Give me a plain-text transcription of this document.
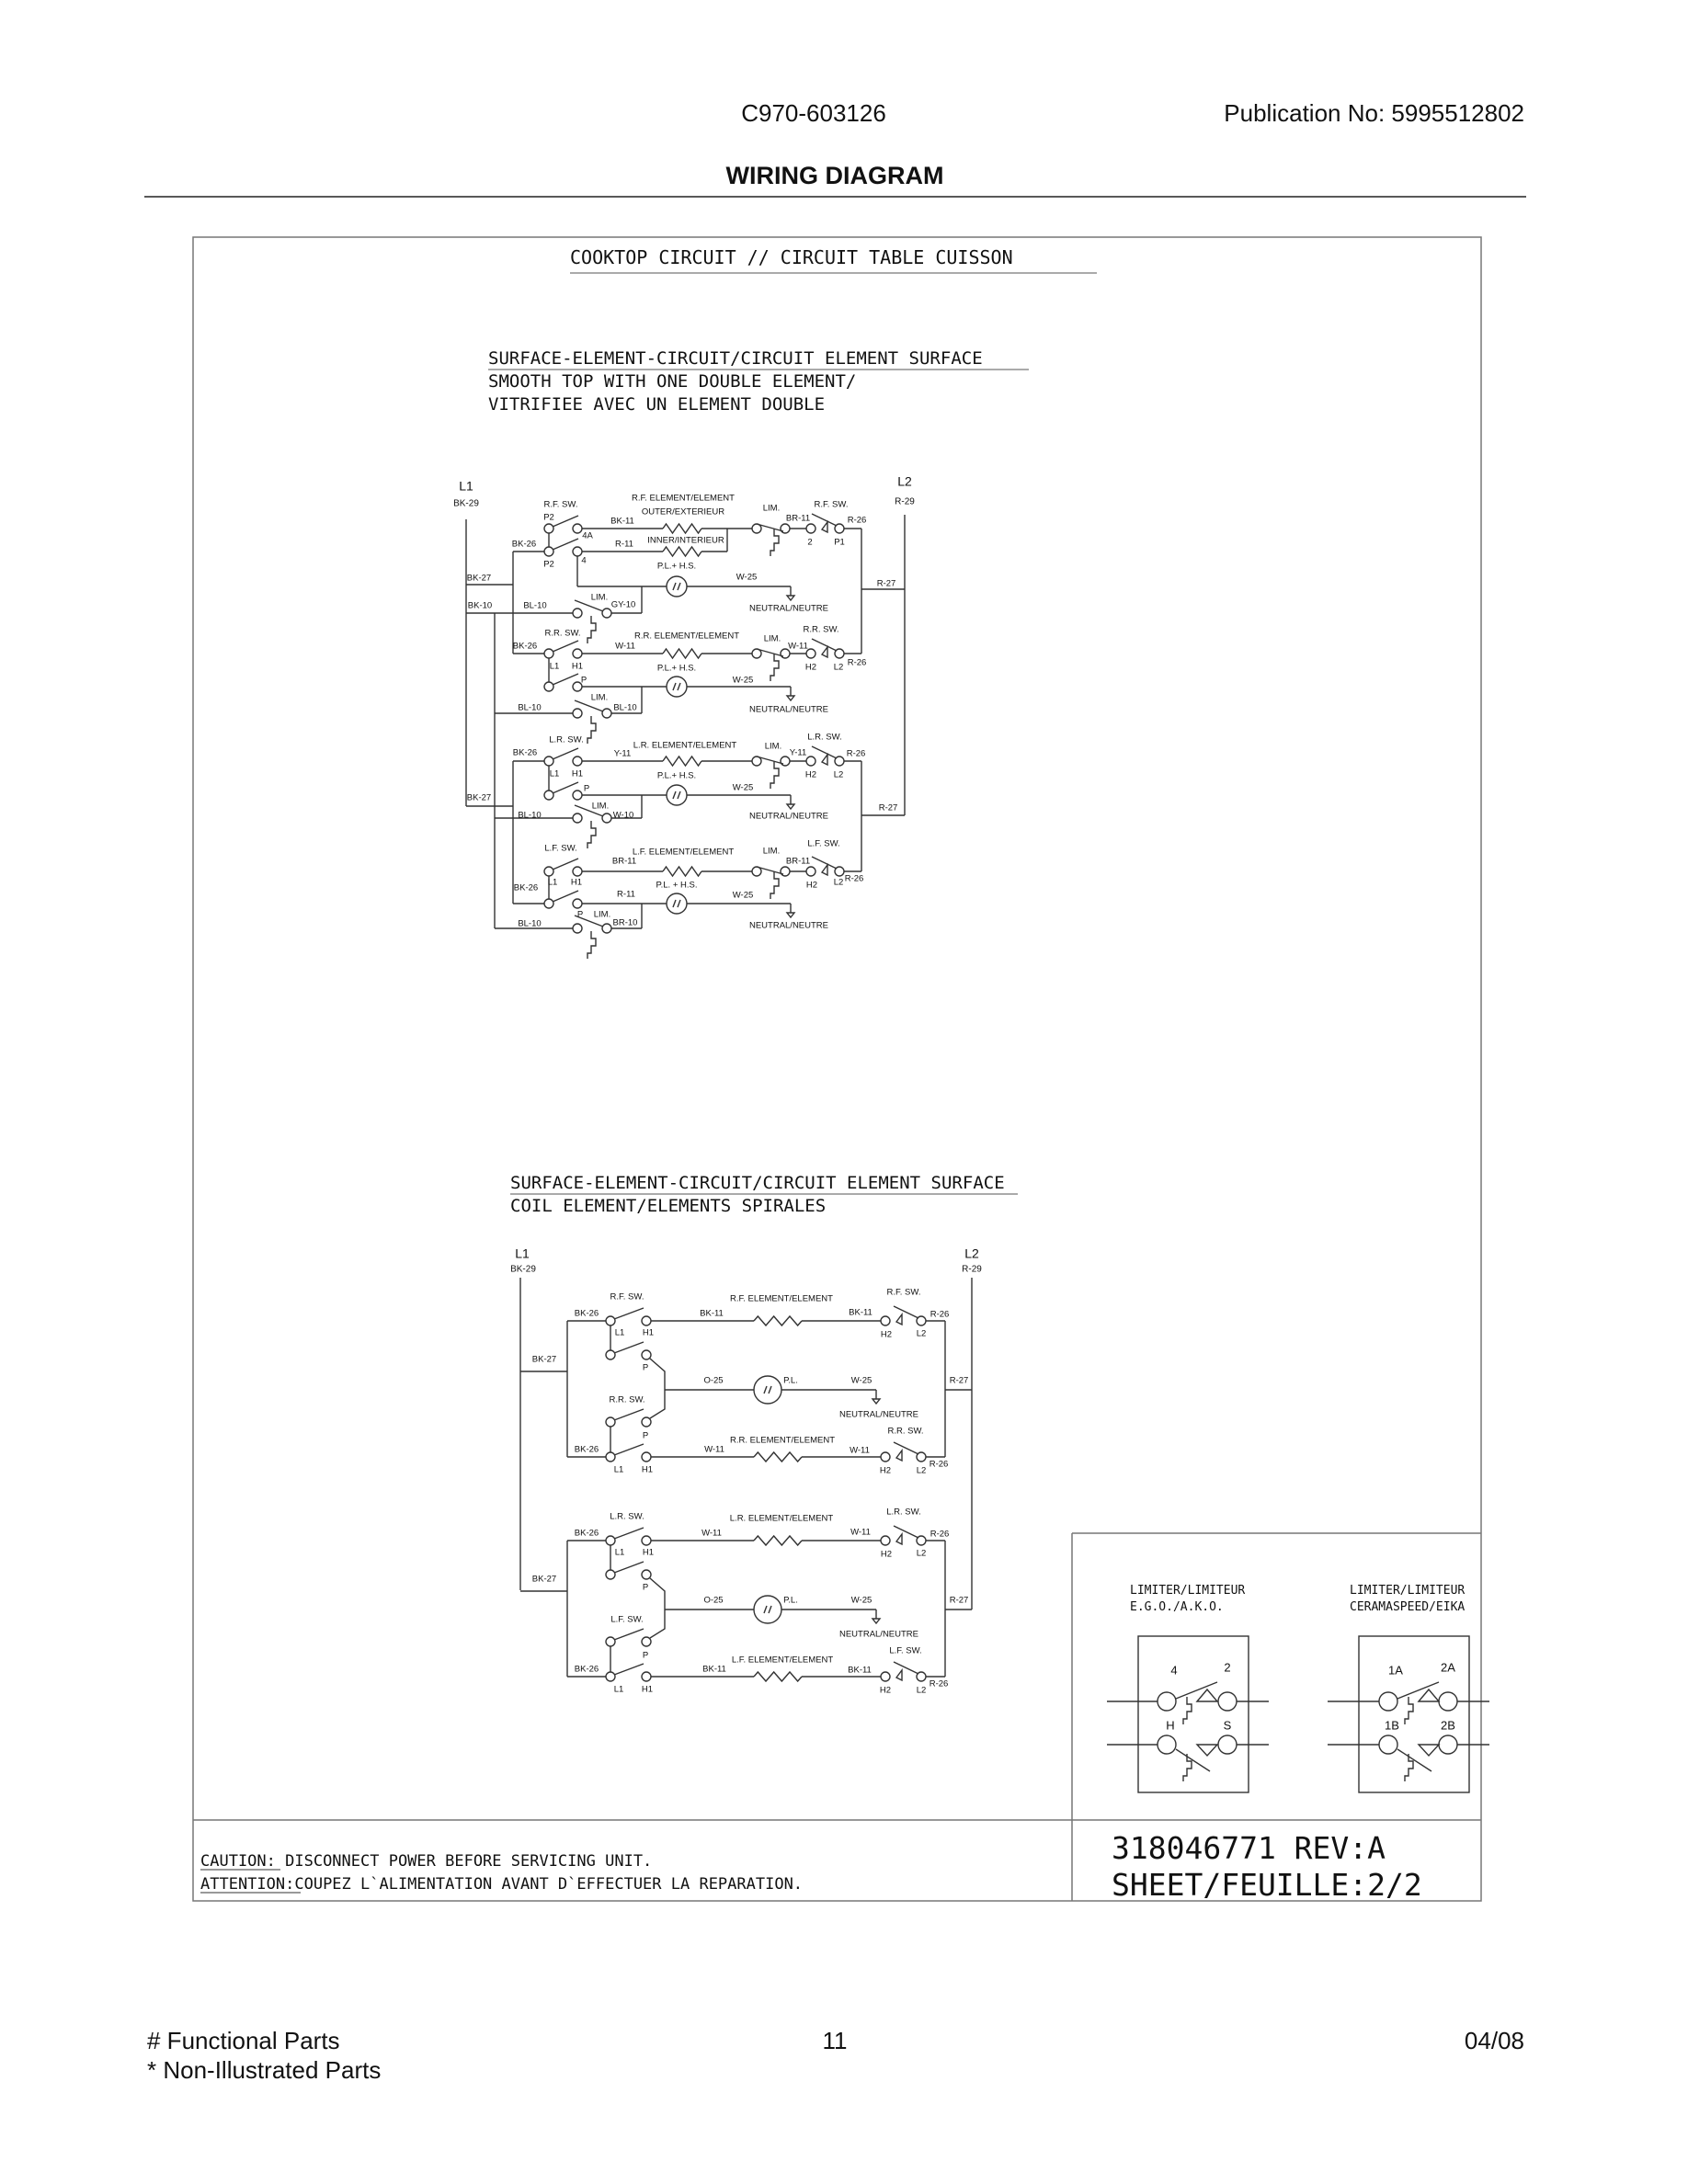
C970-603126	Publication No: 5995512802
WIRING DIAGRAM
COOKTOP CIRCUIT // CIRCUIT TABLE CUISSON
SURFACE-ELEMENT-CIRCUIT/CIRCUIT ELEMENT SURFACE
SMOOTH TOP WITH ONE DOUBLE ELEMENT/
VITRIFIEE AVEC UN ELEMENT DOUBLE
SURFACE-ELEMENT-CIRCUIT/CIRCUIT ELEMENT SURFACE
COIL ELEMENT/ELEMENTS SPIRALES
L1
BK-29
L2
R-29
R.F. SW.
P2
4A
BK-26
P2	4
BK-11
R-11
R.F. ELEMENT/ELEMENT
OUTER/EXTERIEUR
INNER/INTERIEUR
P.L.+ H.S.
W-25
NEUTRAL/NEUTRE
LIM.
BR-11
2
R.F. SW.
P1
R-26
R-27
BK-27
BK-10	BL-10
LIM.
GY-10
R.R. SW.
BK-26	W-11
R.R. ELEMENT/ELEMENT	LIM.
W-11
R.R. SW.
L1 H1	H2 L2 R-26
P.L.+ H.S.
P	W-25
LIM.
BL-10	BL-10	NEUTRAL/NEUTRE
L.R. SW.
BK-26	Y-11
L.R. ELEMENT/ELEMENT	LIM.
Y-11
L.R. SW.
R-26
L1 H1	H2 L2
P.L.+ H.S.
P	W-25
BK-27
R-27
LIM.
BL-10	W-10	NEUTRAL/NEUTRE
L.F. SW.	L.F. ELEMENT/ELEMENT	LIM.
L.F. SW.
BR-11	BR-11
L1 H1
BK-26	H2 L2 R-26
P.L. + H.S.
R-11	W-25
P LIM.
BL-10	BR-10	NEUTRAL/NEUTRE
L1
BK-29
L2
R-29
R.F. SW.
BK-26
L1 H1
BK-27
P
BK-11
R.F. ELEMENT/ELEMENT
BK-11
R.F. SW.
R-26
H2	L2
O-25	P.L.	W-25	R-27
R.R. SW.
NEUTRAL/NEUTRE
P	R.R. SW.
R.R. ELEMENT/ELEMENT
BK-26	W-11	W-11
R-26
L1 H1	H2	L2
L.R. SW.
BK-26
L1 H1
BK-27
P
W-11
L.R. ELEMENT/ELEMENT
W-11
L.R. SW.
R-26
H2	L2
O-25	P.L.	W-25	R-27
L.F. SW.
NEUTRAL/NEUTRE
P	L.F. SW.
L.F. ELEMENT/ELEMENT
BK-26	BK-11	BK-11
R-26
L1 H1	H2	L2
LIMITER/LIMITEUR
E.G.O./A.K.O.
4	2
H	S
LIMITER/LIMITEUR
CERAMASPEED/EIKA
1A	2A
1B	2B
CAUTION: DISCONNECT POWER BEFORE SERVICING UNIT.
ATTENTION:COUPEZ L`ALIMENTATION AVANT D`EFFECTUER LA REPARATION.
318046771 REV:A
SHEET/FEUILLE:2/2
# Functional Parts
* Non-Illustrated Parts
11	04/08
